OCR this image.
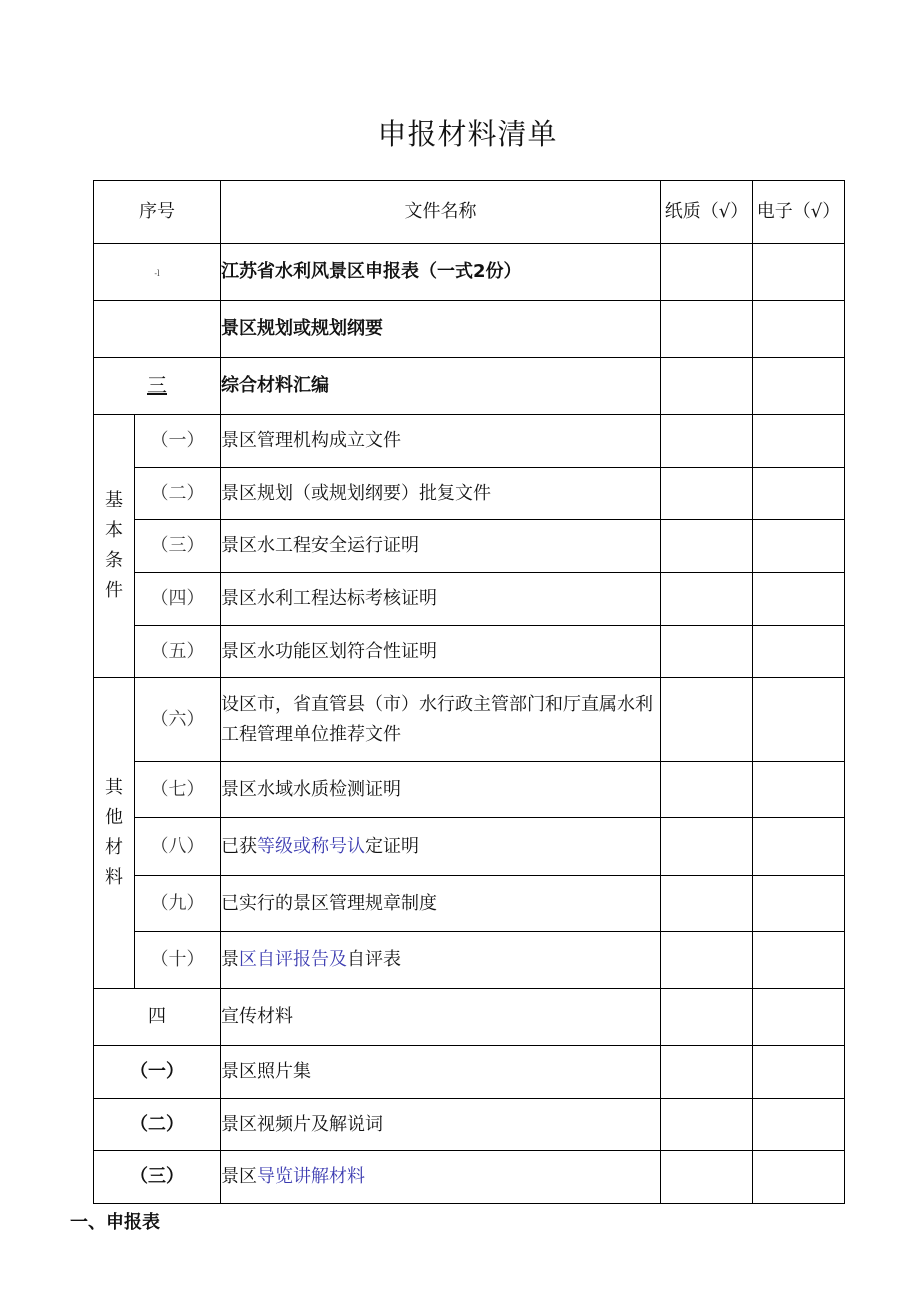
申报材料清单
序号		文件名称	纸质（√）	电子（√）
-l		江苏省水利风景区申报表（一式2份）		
		景区规划或规划纲要		
三		综合材料汇编		
基本条件	（一）	景区管理机构成立文件		
	（二）	景区规划（或规划纲要）批复文件		
	（三）	景区水工程安全运行证明		
	（四）	景区水利工程达标考核证明		
	（五）	景区水功能区划符合性证明		
其他材料	（六）	设区市，省直管县（市）水行政主管部门和厅直属水利工程管理单位推荐文件		
	（七）	景区水域水质检测证明		
	（八）	已获等级或称号认定证明		
	（九）	已实行的景区管理规章制度		
	（十）	景区自评报告及自评表		
四		宣传材料		
（一）		景区照片集		
（二）		景区视频片及解说词		
（三）		景区导览讲解材料		
一、申报表
